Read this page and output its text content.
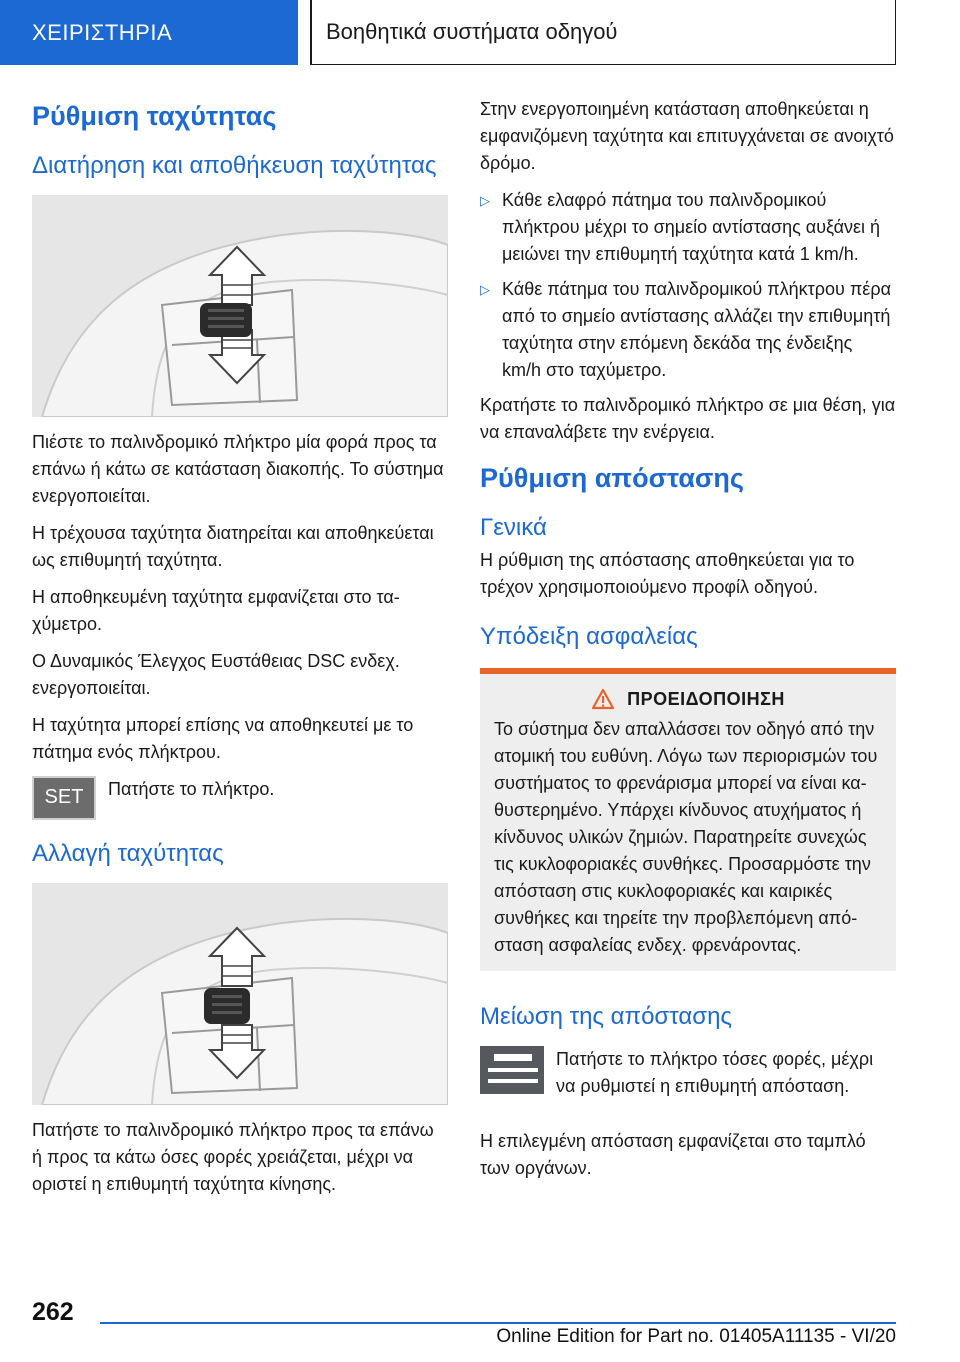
ΧΕΙΡΙΣΤΗΡΙΑ	Βοηθητικά συστήματα οδηγού
Ρύθμιση ταχύτητας
Διατήρηση και αποθήκευση ταχύτητας

Πιέστε το παλινδρομικό πλήκτρο μία φορά προς τα επάνω ή κάτω σε κατάσταση διακοπής. Το σύστημα ενεργοποιείται.

Η τρέχουσα ταχύτητα διατηρείται και αποθηκεύεται ως επιθυμητή ταχύτητα.

Η αποθηκευμένη ταχύτητα εμφανίζεται στο ταχύμετρο.

Ο Δυναμικός Έλεγχος Ευστάθειας DSC ενδεχ. ενεργοποιείται.

Η ταχύτητα μπορεί επίσης να αποθηκευτεί με το πάτημα ενός πλήκτρου.

SET Πατήστε το πλήκτρο.

Αλλαγή ταχύτητας

Πατήστε το παλινδρομικό πλήκτρο προς τα επάνω ή προς τα κάτω όσες φορές χρειάζεται, μέχρι να οριστεί η επιθυμητή ταχύτητα κίνησης.

Στην ενεργοποιημένη κατάσταση αποθηκεύεται η εμφανιζόμενη ταχύτητα και επιτυγχάνεται σε ανοιχτό δρόμο.

▷ Κάθε ελαφρό πάτημα του παλινδρομικού πλήκτρου μέχρι το σημείο αντίστασης αυξάνει ή μειώνει την επιθυμητή ταχύτητα κατά 1 km/h.

▷ Κάθε πάτημα του παλινδρομικού πλήκτρου πέρα από το σημείο αντίστασης αλλάζει την επιθυμητή ταχύτητα στην επόμενη δεκάδα της ένδειξης km/h στο ταχύμετρο.

Κρατήστε το παλινδρομικό πλήκτρο σε μια θέση, για να επαναλάβετε την ενέργεια.

Ρύθμιση απόστασης
Γενικά

Η ρύθμιση της απόστασης αποθηκεύεται για το τρέχον χρησιμοποιούμενο προφίλ οδηγού.

Υπόδειξη ασφαλείας
ΠΡΟΕΙΔΟΠΟΙΗΣΗ

Το σύστημα δεν απαλλάσσει τον οδηγό από την ατομική του ευθύνη. Λόγω των περιορισμών του συστήματος το φρενάρισμα μπορεί να είναι καθυστερημένο. Υπάρχει κίνδυνος ατυχήματος ή κίνδυνος υλικών ζημιών. Παρατηρείτε συνεχώς τις κυκλοφοριακές συνθήκες. Προσαρμόστε την απόσταση στις κυκλοφοριακές και καιρικές συνθήκες και τηρείτε την προβλεπόμενη απόσταση ασφαλείας ενδεχ. φρενάροντας.

Μείωση της απόστασης

Πατήστε το πλήκτρο τόσες φορές, μέχρι να ρυθμιστεί η επιθυμητή απόσταση.

Η επιλεγμένη απόσταση εμφανίζεται στο ταμπλό των οργάνων.

262
Online Edition for Part no. 01405A11135 - VI/20
